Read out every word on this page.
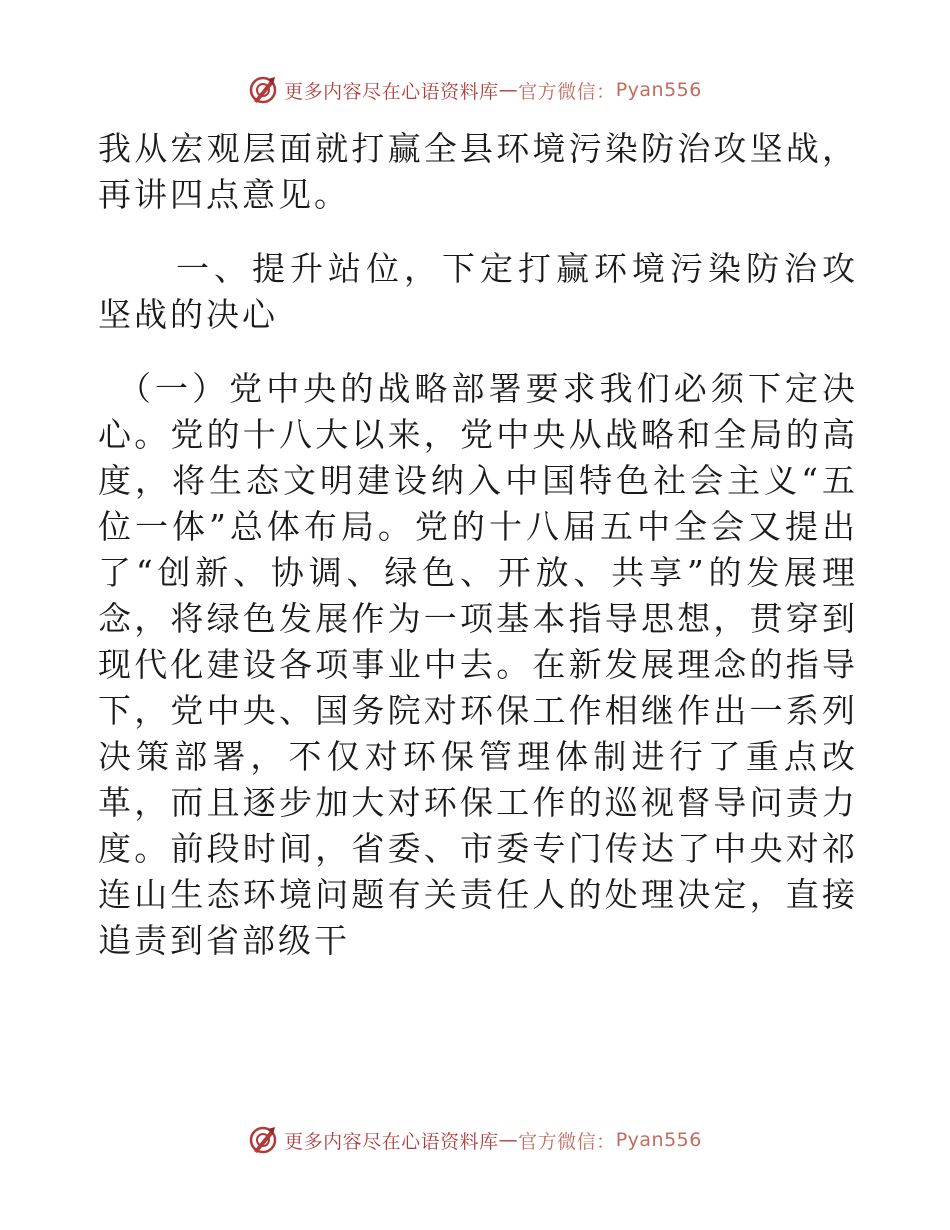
更多内容尽在心语资料库 — 官方微信： Pyan556

我从宏观层面就打赢全县环境污染防治攻坚战，再讲四点意见。

一、提升站位，下定打赢环境污染防治攻坚战的决心

（一）党中央的战略部署要求我们必须下定决心。党的十八大以来，党中央从战略和全局的高度，将生态文明建设纳入中国特色社会主义“五位一体”总体布局。党的十八届五中全会又提出了“创新、协调、绿色、开放、共享”的发展理念，将绿色发展作为一项基本指导思想，贯穿到现代化建设各项事业中去。在新发展理念的指导下，党中央、国务院对环保工作相继作出一系列决策部署，不仅对环保管理体制进行了重点改革，而且逐步加大对环保工作的巡视督导问责力度。前段时间，省委、市委专门传达了中央对祁连山生态环境问题有关责任人的处理决定，直接追责到省部级干

更多内容尽在心语资料库 — 官方微信： Pyan556
